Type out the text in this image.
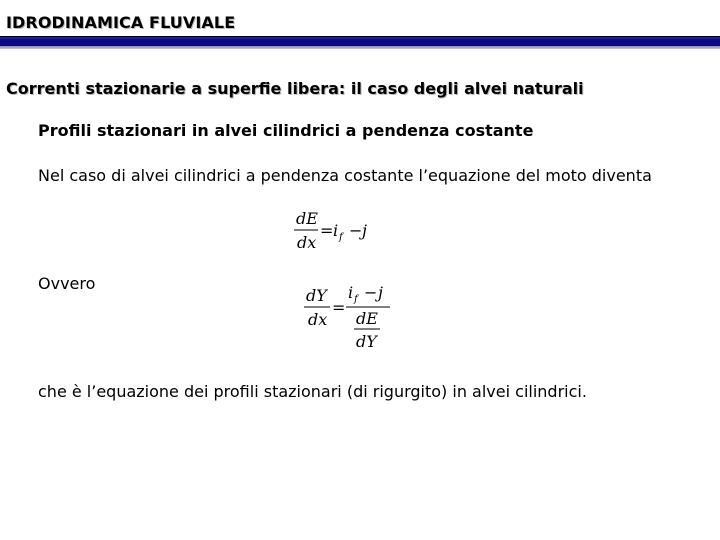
IDRODINAMICA FLUVIALE
Correnti stazionarie a superfie libera: il caso degli alvei naturali
Profili stazionari in alvei cilindrici a pendenza costante
Nel caso di alvei cilindrici a pendenza costante l’equazione del moto diventa
dE
dx
= i f − j
Ovvero
dY
dx
=
i f − j
dE
dY
che è l’equazione dei profili stazionari (di rigurgito) in alvei cilindrici.
